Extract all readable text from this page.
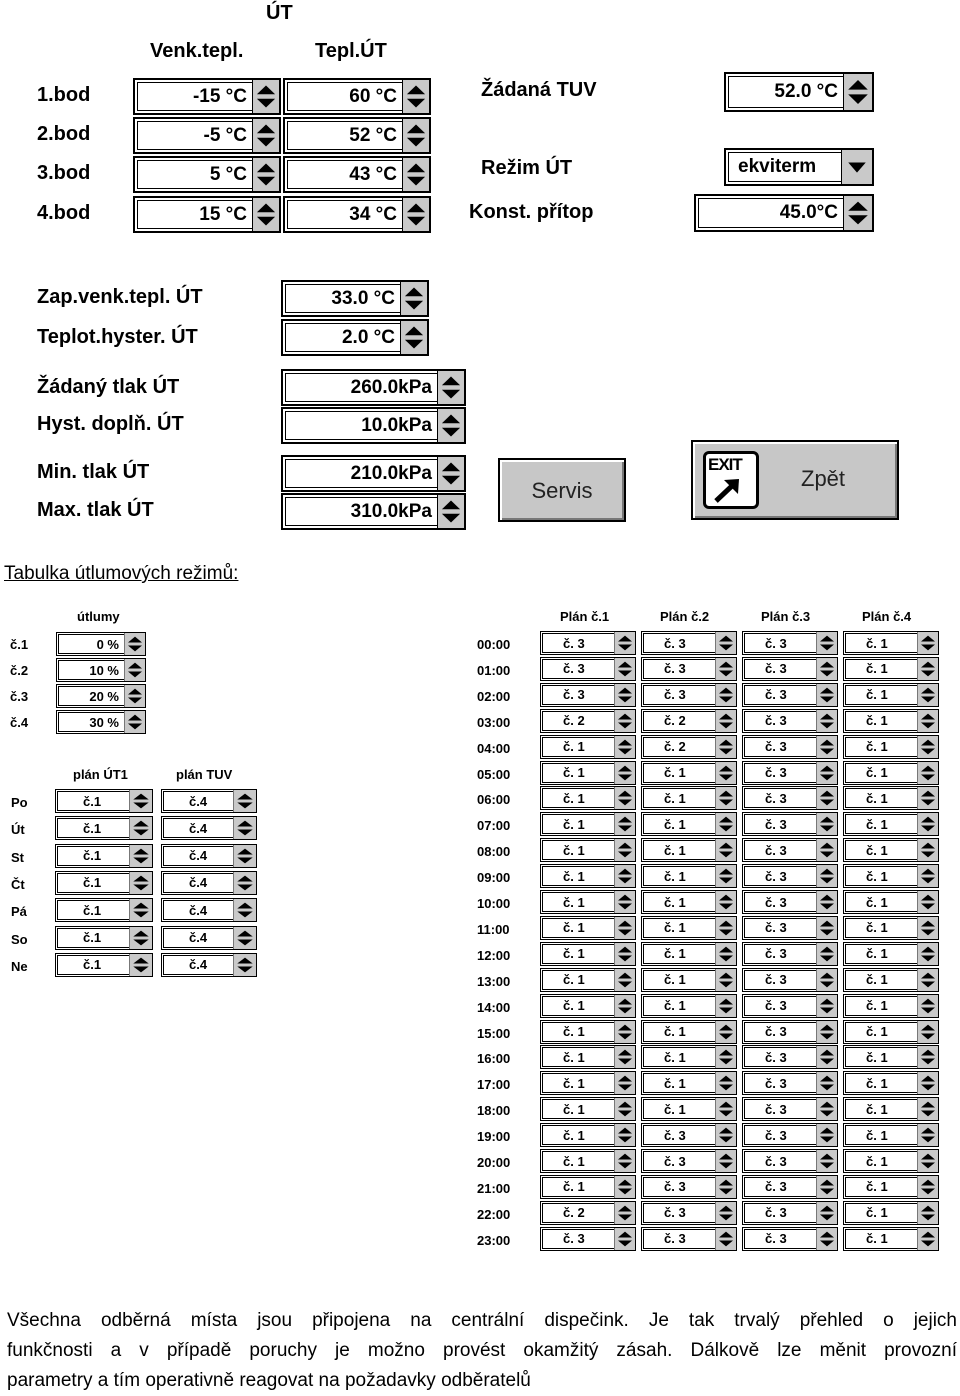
ÚT
Venk.tepl.	Tepl.ÚT
1.bod	-15 °C	60 °C
2.bod	-5 °C	52 °C
3.bod	5 °C	43 °C
4.bod	15 °C	34 °C
Žádaná TUV	52.0 °C
Režim ÚT	ekviterm
Konst. přítop	45.0°C
Zap.venk.tepl. ÚT	33.0 °C
Teplot.hyster. ÚT	2.0 °C
Žádaný tlak ÚT	260.0kPa
Hyst. doplň. ÚT	10.0kPa
Min. tlak ÚT	210.0kPa
Max. tlak ÚT	310.0kPa
Servis
EXIT
Zpět
Tabulka útlumových režimů:
útlumy
č.1	0 %
č.2	10 %
č.3	20 %
č.4	30 %
plán ÚT1	plán TUV
Po	č.1	č.4
Út	č.1	č.4
St	č.1	č.4
Čt	č.1	č.4
Pá	č.1	č.4
So	č.1	č.4
Ne	č.1	č.4
Plán č.1	Plán č.2	Plán č.3	Plán č.4
00:00	č. 3	č. 3	č. 3	č. 1
01:00	č. 3	č. 3	č. 3	č. 1
02:00	č. 3	č. 3	č. 3	č. 1
03:00	č. 2	č. 2	č. 3	č. 1
04:00	č. 1	č. 2	č. 3	č. 1
05:00	č. 1	č. 1	č. 3	č. 1
06:00	č. 1	č. 1	č. 3	č. 1
07:00	č. 1	č. 1	č. 3	č. 1
08:00	č. 1	č. 1	č. 3	č. 1
09:00	č. 1	č. 1	č. 3	č. 1
10:00	č. 1	č. 1	č. 3	č. 1
11:00	č. 1	č. 1	č. 3	č. 1
12:00	č. 1	č. 1	č. 3	č. 1
13:00	č. 1	č. 1	č. 3	č. 1
14:00	č. 1	č. 1	č. 3	č. 1
15:00	č. 1	č. 1	č. 3	č. 1
16:00	č. 1	č. 1	č. 3	č. 1
17:00	č. 1	č. 1	č. 3	č. 1
18:00	č. 1	č. 1	č. 3	č. 1
19:00	č. 1	č. 3	č. 3	č. 1
20:00	č. 1	č. 3	č. 3	č. 1
21:00	č. 1	č. 3	č. 3	č. 1
22:00	č. 2	č. 3	č. 3	č. 1
23:00	č. 3	č. 3	č. 3	č. 1
Všechna odběrná místa jsou připojena na centrální dispečink. Je tak trvalý přehled o jejich
funkčnosti a v případě poruchy je možno provést okamžitý zásah. Dálkově lze měnit provozní
parametry a tím operativně reagovat na požadavky odběratelů
